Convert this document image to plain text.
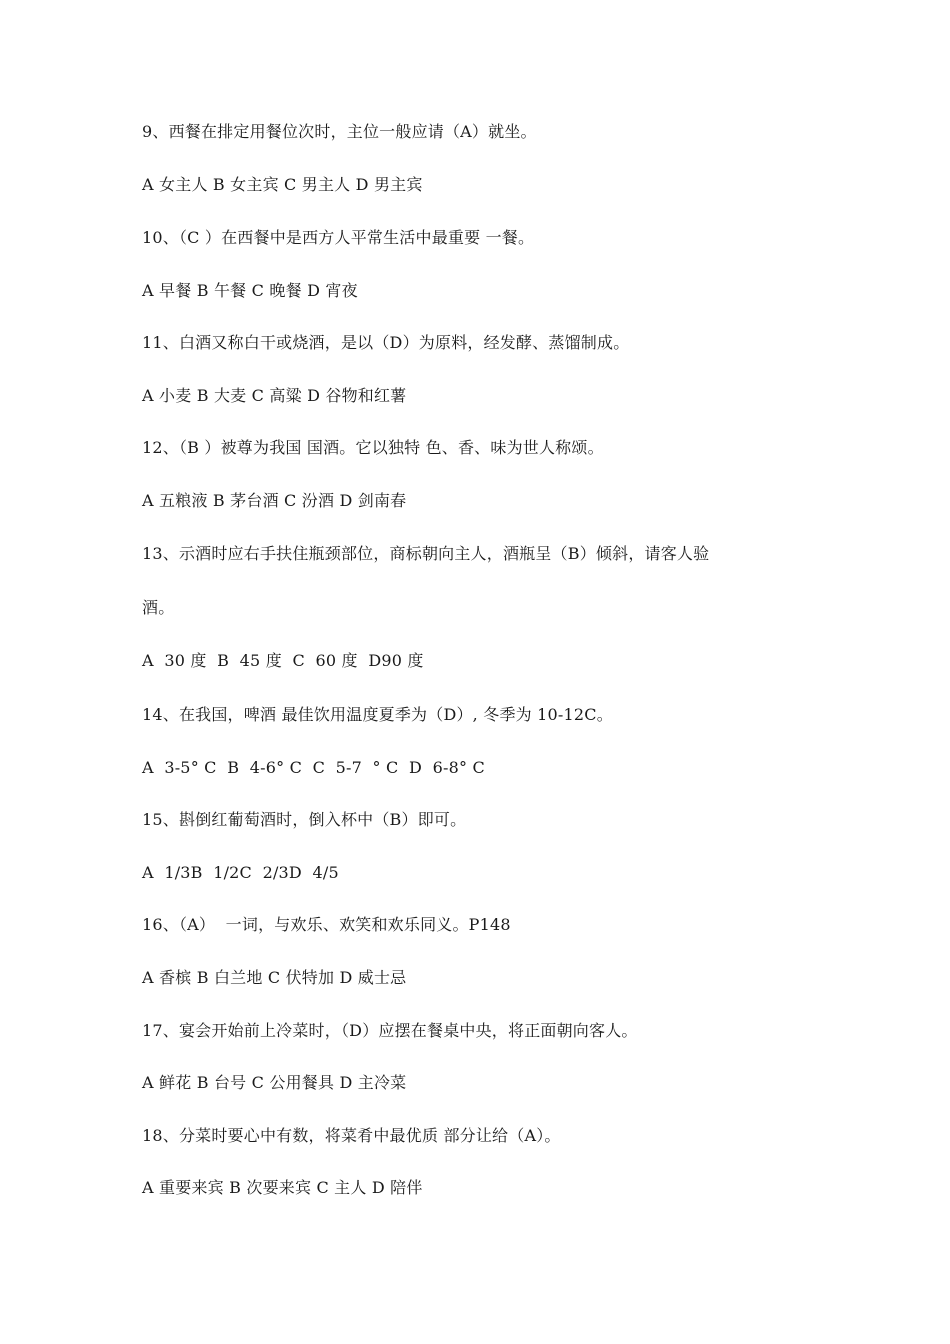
9、西餐在排定用餐位次时，主位一般应请（A）就坐。
A 女主人 B 女主宾 C 男主人 D 男主宾
10、（C ）在西餐中是西方人平常生活中最重要 一餐。
A 早餐 B 午餐 C 晚餐 D 宵夜
11、白酒又称白干或烧酒，是以（D）为原料，经发酵、蒸馏制成。
A 小麦 B 大麦 C 高粱 D 谷物和红薯
12、（B ）被尊为我国 国酒。它以独特 色、香、味为世人称颂。
A 五粮液 B 茅台酒 C 汾酒 D 剑南春
13、示酒时应右手扶住瓶颈部位，商标朝向主人，酒瓶呈（B）倾斜，请客人验
酒。
A  30 度  B  45 度  C  60 度  D90 度
14、在我国，啤酒 最佳饮用温度夏季为（D）, 冬季为 10-12C。
A  3-5° C  B  4-6° C  C  5-7  ° C  D  6-8° C
15、斟倒红葡萄酒时，倒入杯中（B）即可。
A  1/3B  1/2C  2/3D  4/5
16、（A）  一词，与欢乐、欢笑和欢乐同义。P148
A 香槟 B 白兰地 C 伏特加 D 威士忌
17、宴会开始前上冷菜时，（D）应摆在餐桌中央，将正面朝向客人。
A 鲜花 B 台号 C 公用餐具 D 主冷菜
18、分菜时要心中有数，将菜肴中最优质 部分让给（A）。
A 重要来宾 B 次要来宾 C 主人 D 陪伴
